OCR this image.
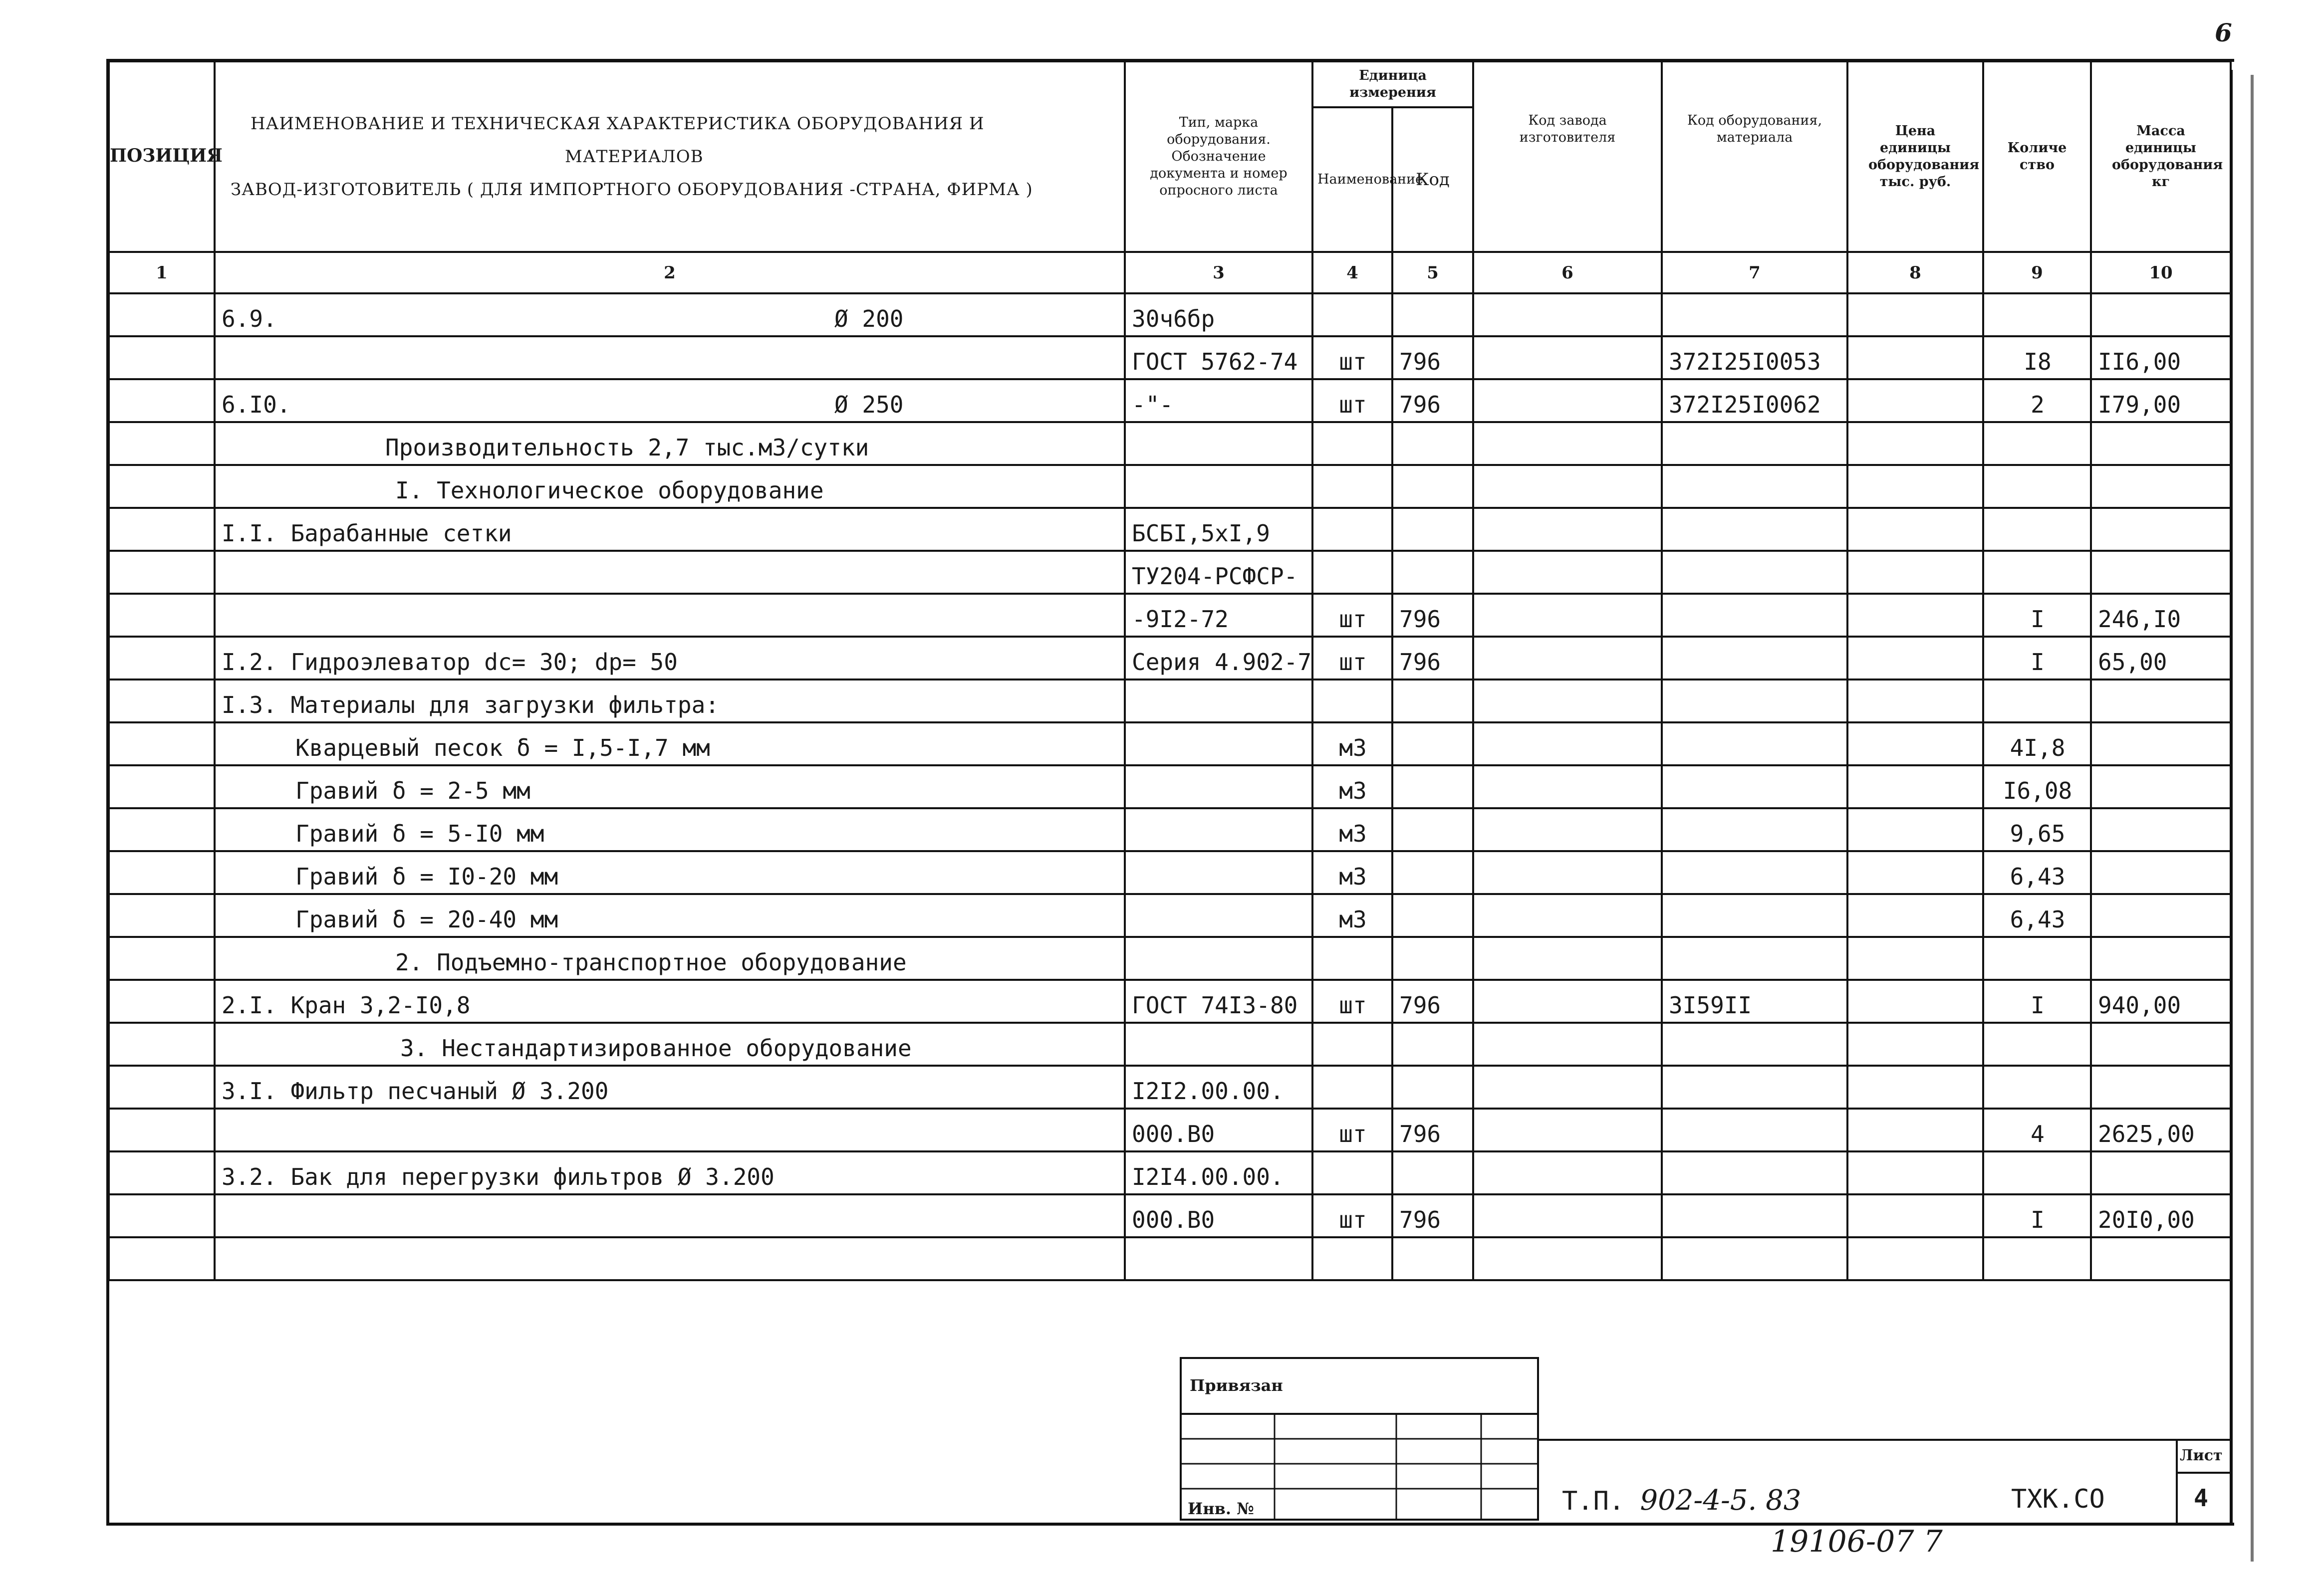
6
ПОЗИЦИЯ	НАИМЕНОВАНИЕ И ТЕХНИЧЕСКАЯ ХАРАКТЕРИСТИКА ОБОРУДОВАНИЯ И
МАТЕРИАЛОВ
ЗАВОД-ИЗГОТОВИТЕЛЬ ( ДЛЯ ИМПОРТНОГО ОБОРУДОВАНИЯ -СТРАНА, ФИРМА )	Тип, марка оборудования. Обозначение документа и номер опросного листа	Единица измерения		Код завода изготовителя	Код оборудования, материала	Цена единицы оборудования тыс. руб.	Количество	Масса единицы оборудования кг
			Наименование	Код					
1	2	3	4	5	6	7	8	9	10
	6.9. Ø 200	30ч6бр							
		ГОСТ 5762-74	шт	796		372I25I0053		I8	II6,00
	6.I0. Ø 250	-"-	шт	796		372I25I0062		2	I79,00
	Производительность 2,7 тыс.м3/сутки								
	I. Технологическое оборудование								
	I.I. Барабанные сетки	БСБI,5хI,9							
		ТУ204-РСФСР-							
		-9I2-72	шт	796				I	246,I0
	I.2. Гидроэлеватор dc= 30; dp= 50	Серия 4.902-7	шт	796				I	65,00
	I.3. Материалы для загрузки фильтра:								
	Кварцевый песок δ = I,5-I,7 мм		м3					4I,8	
	Гравий δ = 2-5 мм		м3					I6,08	
	Гравий δ = 5-I0 мм		м3					9,65	
	Гравий δ = I0-20 мм		м3					6,43	
	Гравий δ = 20-40 мм		м3					6,43	
	2. Подъемно-транспортное оборудование								
	2.I. Кран 3,2-I0,8	ГОСТ 74I3-80	шт	796		3I59II		I	940,00
	3. Нестандартизированное оборудование								
	3.I. Фильтр песчаный Ø 3.200	I2I2.00.00.							
		000.В0	шт	796				4	2625,00
	3.2. Бак для перегрузки фильтров Ø 3.200	I2I4.00.00.							
		000.В0	шт	796				I	20I0,00

Привязан
Инв. №	Т.П. 902-4-5. 83	ТХК.СО
Лист
4
19106-07 7
